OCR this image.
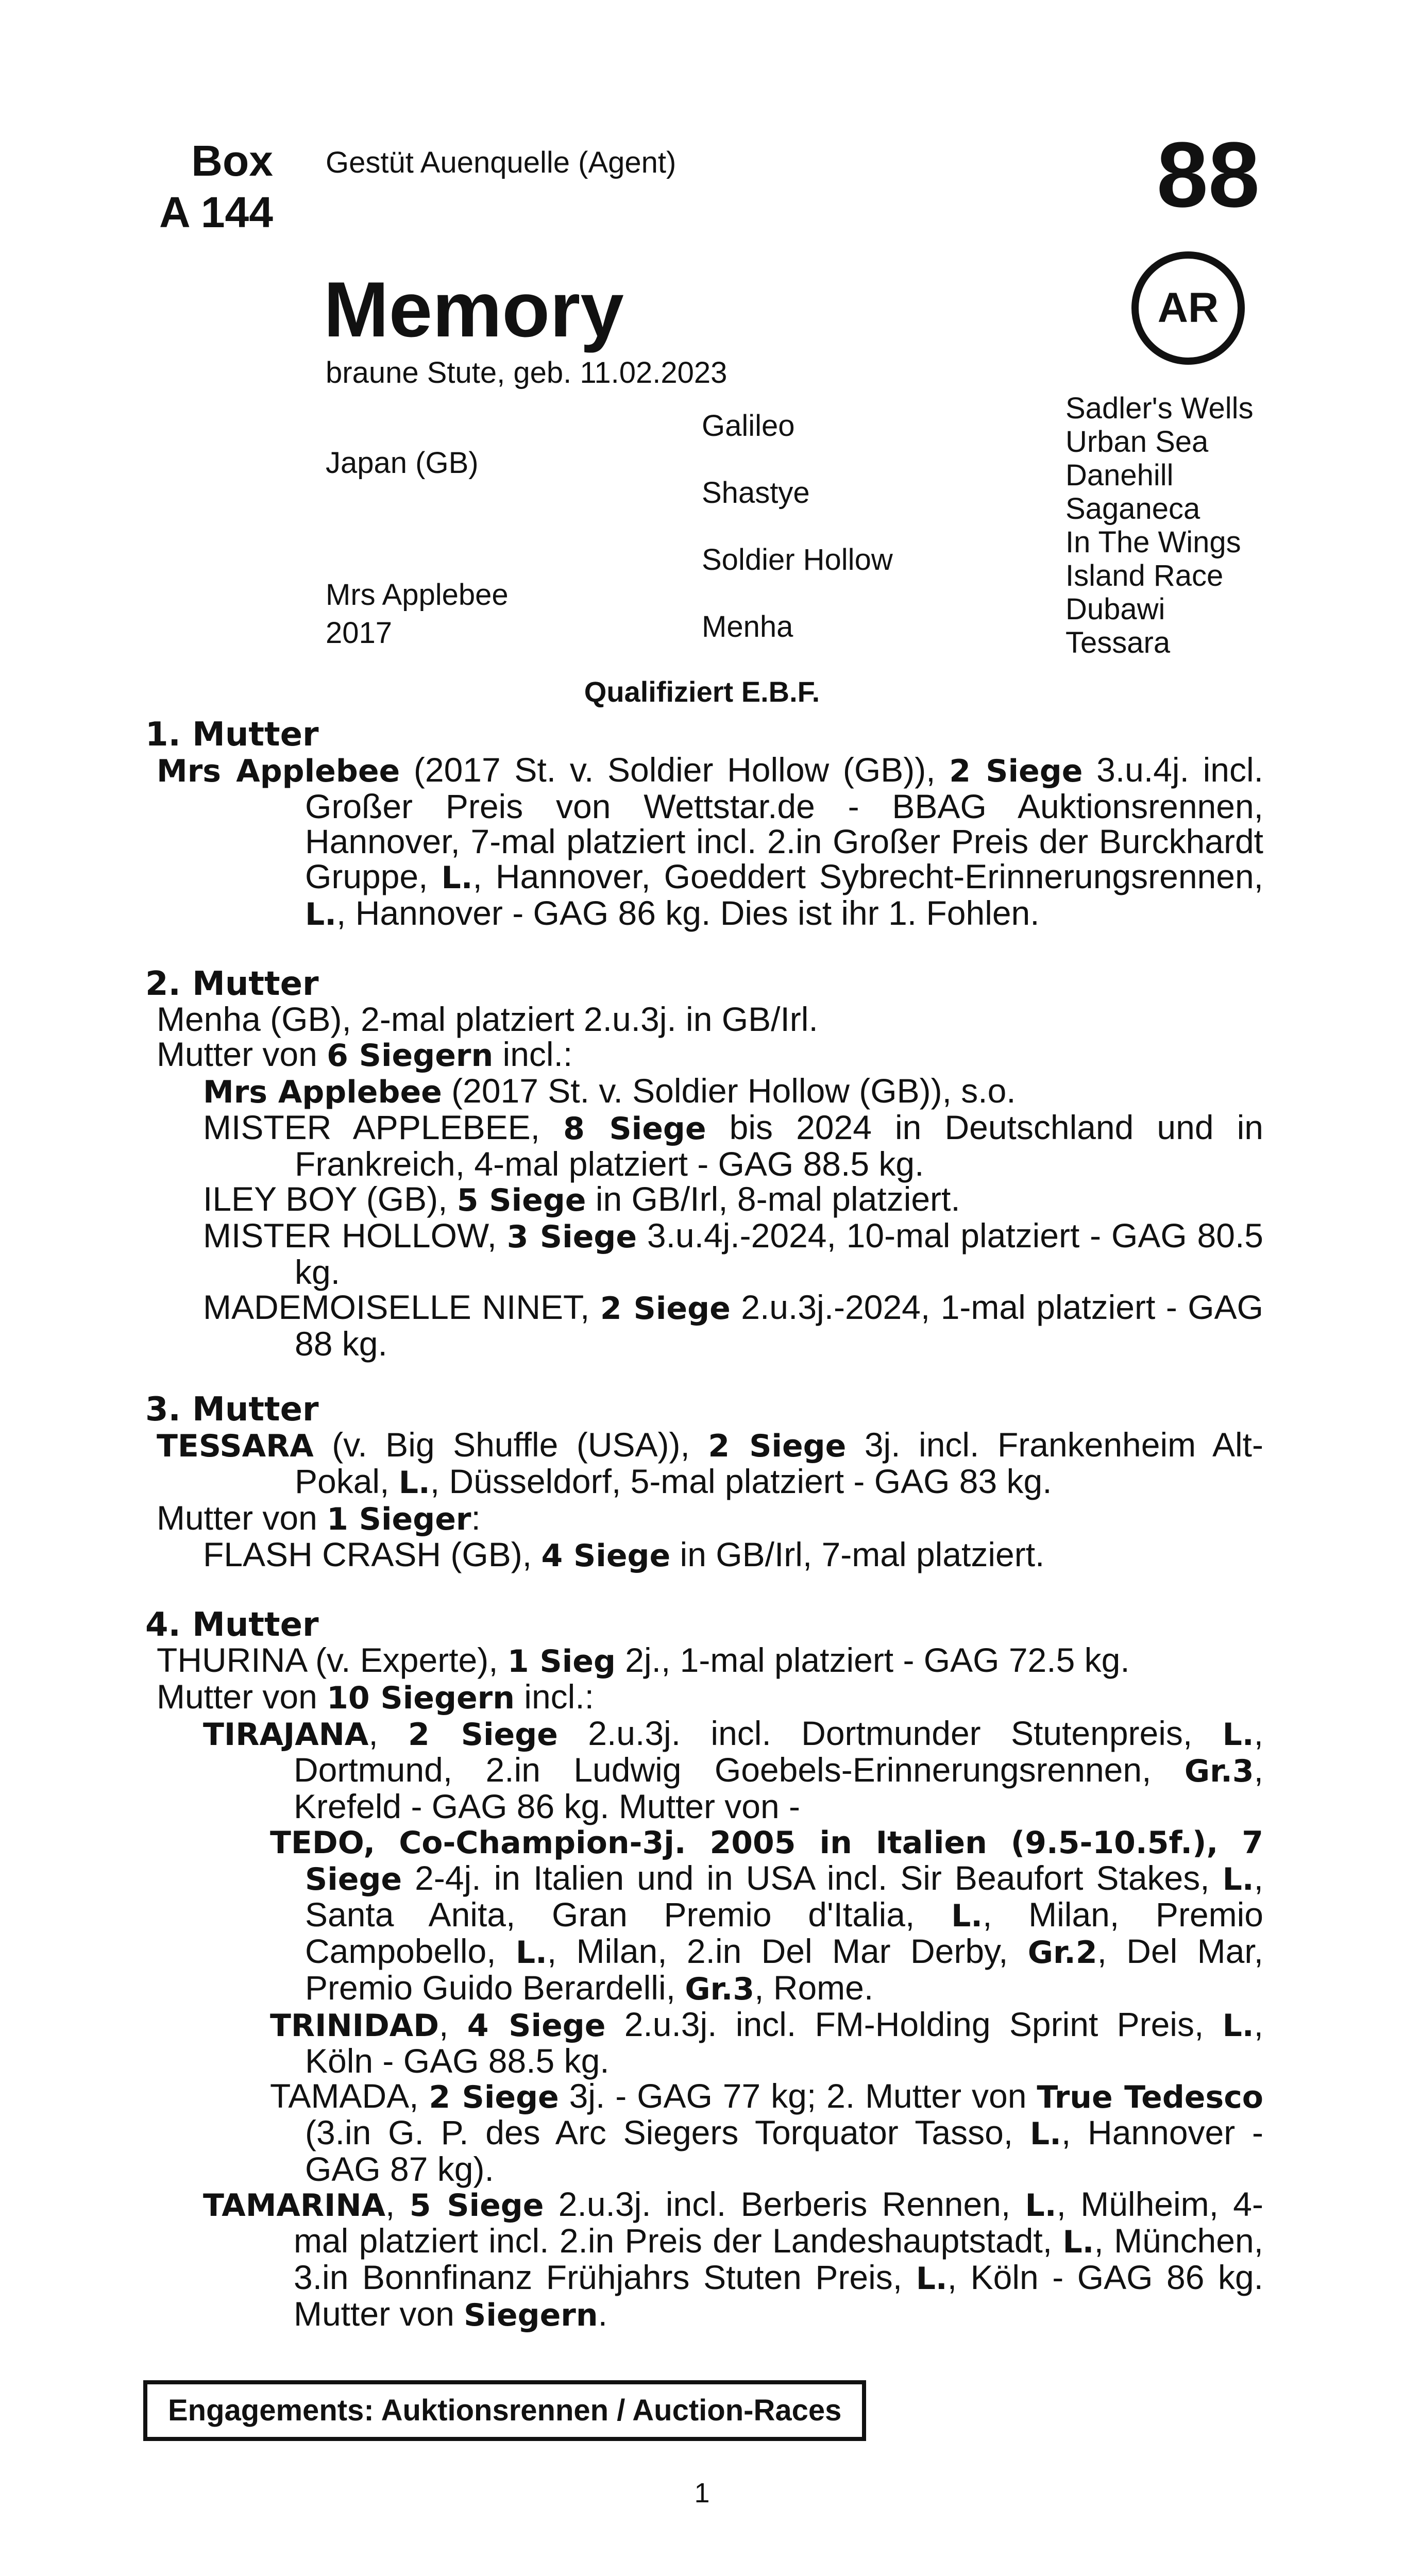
Box
A 144
Gestüt Auenquelle (Agent)	88
AR
Memory
braune Stute, geb. 11.02.2023
Japan (GB)
Mrs Applebee
2017
Galileo
Shastye
Soldier Hollow
Menha
Sadler's Wells
Urban Sea
Danehill
Saganeca
In The Wings
Island Race
Dubawi
Tessara
Qualifiziert E.B.F.
1. Mutter
Mrs Applebee (2017 St. v. Soldier Hollow (GB)), 2 Siege 3.u.4j. incl. Großer Preis von Wettstar.de - BBAG Auktionsrennen, Hannover, 7-mal platziert incl. 2.in Großer Preis der Burckhardt Gruppe, L., Hannover, Goeddert Sybrecht-Erinnerungsrennen, L., Hannover - GAG 86 kg. Dies ist ihr 1. Fohlen.
2. Mutter
Menha (GB), 2-mal platziert 2.u.3j. in GB/Irl.
Mutter von 6 Siegern incl.:
Mrs Applebee (2017 St. v. Soldier Hollow (GB)), s.o.
MISTER APPLEBEE, 8 Siege bis 2024 in Deutschland und in Frankreich, 4-mal platziert - GAG 88.5 kg.
ILEY BOY (GB), 5 Siege in GB/Irl, 8-mal platziert.
MISTER HOLLOW, 3 Siege 3.u.4j.-2024, 10-mal platziert - GAG 80.5 kg.
MADEMOISELLE NINET, 2 Siege 2.u.3j.-2024, 1-mal platziert - GAG 88 kg.
3. Mutter
TESSARA (v. Big Shuffle (USA)), 2 Siege 3j. incl. Frankenheim Alt-Pokal, L., Düsseldorf, 5-mal platziert - GAG 83 kg.
Mutter von 1 Sieger:
FLASH CRASH (GB), 4 Siege in GB/Irl, 7-mal platziert.
4. Mutter
THURINA (v. Experte), 1 Sieg 2j., 1-mal platziert - GAG 72.5 kg.
Mutter von 10 Siegern incl.:
TIRAJANA, 2 Siege 2.u.3j. incl. Dortmunder Stutenpreis, L., Dortmund, 2.in Ludwig Goebels-Erinnerungsrennen, Gr.3, Krefeld - GAG 86 kg. Mutter von -
TEDO, Co-Champion-3j. 2005 in Italien (9.5-10.5f.), 7 Siege 2-4j. in Italien und in USA incl. Sir Beaufort Stakes, L., Santa Anita, Gran Premio d'Italia, L., Milan, Premio Campobello, L., Milan, 2.in Del Mar Derby, Gr.2, Del Mar, Premio Guido Berardelli, Gr.3, Rome.
TRINIDAD, 4 Siege 2.u.3j. incl. FM-Holding Sprint Preis, L., Köln - GAG 88.5 kg.
TAMADA, 2 Siege 3j. - GAG 77 kg; 2. Mutter von True Tedesco (3.in G. P. des Arc Siegers Torquator Tasso, L., Hannover - GAG 87 kg).
TAMARINA, 5 Siege 2.u.3j. incl. Berberis Rennen, L., Mülheim, 4-mal platziert incl. 2.in Preis der Landeshauptstadt, L., München, 3.in Bonnfinanz Frühjahrs Stuten Preis, L., Köln - GAG 86 kg. Mutter von Siegern.
Engagements: Auktionsrennen / Auction-Races
1
